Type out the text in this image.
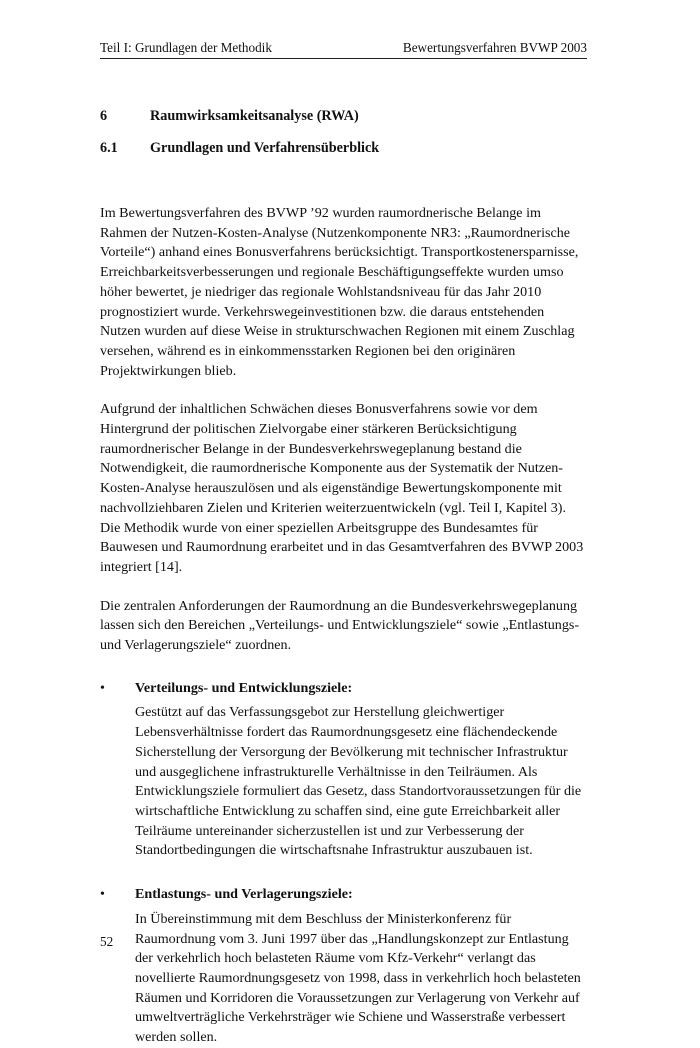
Teil I: Grundlagen der Methodik	Bewertungsverfahren BVWP 2003
6	Raumwirksamkeitsanalyse (RWA)
6.1	Grundlagen und Verfahrensüberblick

Im Bewertungsverfahren des BVWP ’92 wurden raumordnerische Belange im Rahmen der Nutzen-Kosten-Analyse (Nutzenkomponente NR3: „Raumordnerische Vorteile“) anhand eines Bonusverfahrens berücksichtigt. Transportkostenersparnisse, Erreichbarkeitsverbesserungen und regionale Beschäftigungseffekte wurden umso höher bewertet, je niedriger das regionale Wohlstandsniveau für das Jahr 2010 prognostiziert wurde. Verkehrswegeinvestitionen bzw. die daraus entstehenden Nutzen wurden auf diese Weise in strukturschwachen Regionen mit einem Zuschlag versehen, während es in einkommensstarken Regionen bei den originären Projektwirkungen blieb.

Aufgrund der inhaltlichen Schwächen dieses Bonusverfahrens sowie vor dem Hintergrund der politischen Zielvorgabe einer stärkeren Berücksichtigung raumordnerischer Belange in der Bundesverkehrswegeplanung bestand die Notwendigkeit, die raumordnerische Komponente aus der Systematik der Nutzen-Kosten-Analyse herauszulösen und als eigenständige Bewertungskomponente mit nachvollziehbaren Zielen und Kriterien weiterzuentwickeln (vgl. Teil I, Kapitel 3). Die Methodik wurde von einer speziellen Arbeitsgruppe des Bundesamtes für Bauwesen und Raumordnung erarbeitet und in das Gesamtverfahren des BVWP 2003 integriert [14].

Die zentralen Anforderungen der Raumordnung an die Bundesverkehrswegeplanung lassen sich den Bereichen „Verteilungs- und Entwicklungsziele“ sowie „Entlastungs- und Verlagerungsziele“ zuordnen.

•	Verteilungs- und Entwicklungsziele:

Gestützt auf das Verfassungsgebot zur Herstellung gleichwertiger Lebensverhältnisse fordert das Raumordnungsgesetz eine flächendeckende Sicherstellung der Versorgung der Bevölkerung mit technischer Infrastruktur und ausgeglichene infrastrukturelle Verhältnisse in den Teilräumen. Als Entwicklungsziele formuliert das Gesetz, dass Standortvoraussetzungen für die wirtschaftliche Entwicklung zu schaffen sind, eine gute Erreichbarkeit aller Teilräume untereinander sicherzustellen ist und zur Verbesserung der Standortbedingungen die wirtschaftsnahe Infrastruktur auszubauen ist.

•	Entlastungs- und Verlagerungsziele:

In Übereinstimmung mit dem Beschluss der Ministerkonferenz für Raumordnung vom 3. Juni 1997 über das „Handlungskonzept zur Entlastung der verkehrlich hoch belasteten Räume vom Kfz-Verkehr“ verlangt das novellierte Raumordnungsgesetz von 1998, dass in verkehrlich hoch belasteten Räumen und Korridoren die Voraussetzungen zur Verlagerung von Verkehr auf umweltverträgliche Verkehrsträger wie Schiene und Wasserstraße verbessert werden sollen.

52
